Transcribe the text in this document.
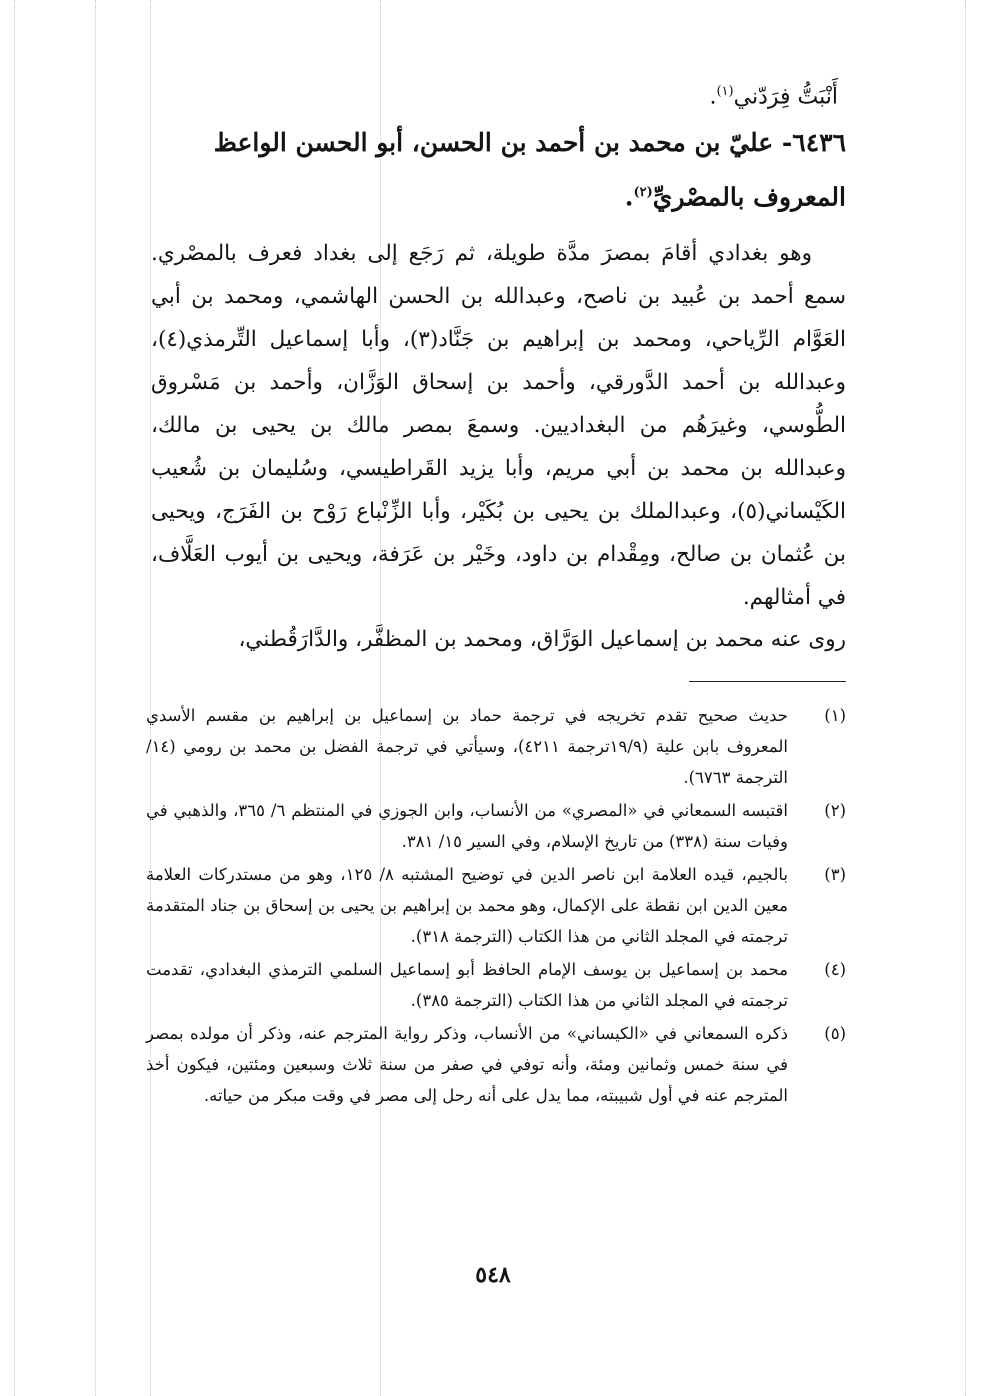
أَنْبَتُّ فِرَدّني$^{(١)}$.
٦٤٣٦- عليّ بن محمد بن أحمد بن الحسن، أبو الحسن الواعظ المعروف بالمصْريِّ$^{(٢)}$.
وهو بغدادي أقامَ بمصرَ مدَّة طويلة، ثم رَجَع إلى بغداد فعرف بالمصْري. سمع أحمد بن عُبيد بن ناصح، وعبدالله بن الحسن الهاشمي، ومحمد بن أبي العَوَّام الرِّياحي، ومحمد بن إبراهيم بن جَنَّاد(٣)، وأبا إسماعيل التِّرمذي(٤)، وعبدالله بن أحمد الدَّورقي، وأحمد بن إسحاق الوَزَّان، وأحمد بن مَسْروق الطُّوسي، وغيرَهُم من البغداديين. وسمعَ بمصر مالك بن يحيى بن مالك، وعبدالله بن محمد بن أبي مريم، وأبا يزيد القَراطيسي، وسُليمان بن شُعيب الكَيْساني(٥)، وعبدالملك بن يحيى بن بُكَيْر، وأبا الزِّنْباع رَوْح بن الفَرَج، ويحيى بن عُثمان بن صالح، ومِقْدام بن داود، وخَيْر بن عَرَفة، ويحيى بن أيوب العَلَّاف، في أمثالهم.
روى عنه محمد بن إسماعيل الوَرَّاق، ومحمد بن المظفَّر، والدَّارَقُطني،
(١)
حديث صحيح تقدم تخريجه في ترجمة حماد بن إسماعيل بن إبراهيم بن مقسم الأسدي المعروف بابن علية (١٩/٩ترجمة ٤٢١١)، وسيأتي في ترجمة الفضل بن محمد بن رومي (١٤/ الترجمة ٦٧٦٣).
(٢)
اقتبسه السمعاني في «المصري» من الأنساب، وابن الجوزي في المنتظم ٦/ ٣٦٥، والذهبي في وفيات سنة (٣٣٨) من تاريخ الإسلام، وفي السير ١٥/ ٣٨١.
(٣)
بالجيم، قيده العلامة ابن ناصر الدين في توضيح المشتبه ٨/ ١٢٥، وهو من مستدركات العلامة معين الدين ابن نقطة على الإكمال، وهو محمد بن إبراهيم بن يحيى بن إسحاق بن جناد المتقدمة ترجمته في المجلد الثاني من هذا الكتاب (الترجمة ٣١٨).
(٤)
محمد بن إسماعيل بن يوسف الإمام الحافظ أبو إسماعيل السلمي الترمذي البغدادي، تقدمت ترجمته في المجلد الثاني من هذا الكتاب (الترجمة ٣٨٥).
(٥)
ذكره السمعاني في «الكيساني» من الأنساب، وذكر رواية المترجم عنه، وذكر أن مولده بمصر في سنة خمس وثمانين ومئة، وأنه توفي في صفر من سنة ثلاث وسبعين ومئتين، فيكون أخذ المترجم عنه في أول شبيبته، مما يدل على أنه رحل إلى مصر في وقت مبكر من حياته.
٥٤٨
